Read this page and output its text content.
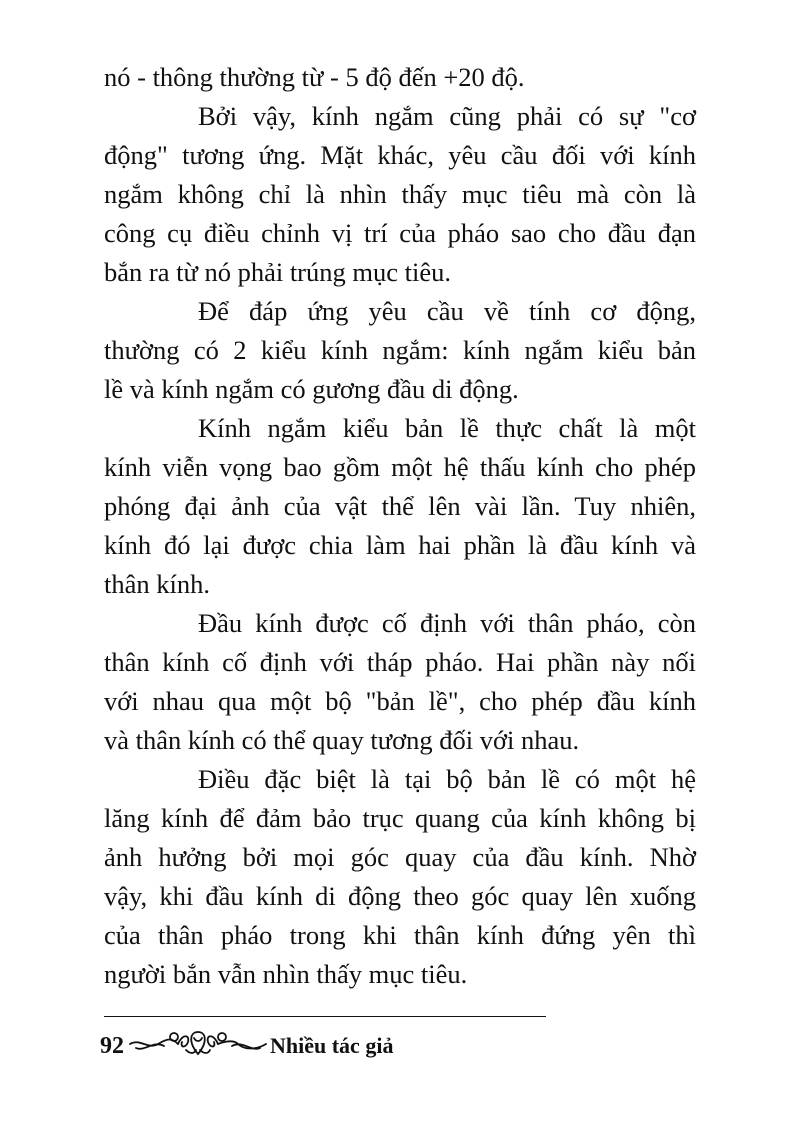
nó - thông thường từ - 5 độ đến +20 độ.
Bởi vậy, kính ngắm cũng phải có sự "cơ
động" tương ứng. Mặt khác, yêu cầu đối với kính
ngắm không chỉ là nhìn thấy mục tiêu mà còn là
công cụ điều chỉnh vị trí của pháo sao cho đầu đạn
bắn ra từ nó phải trúng mục tiêu.
Để đáp ứng yêu cầu về tính cơ động,
thường có 2 kiểu kính ngắm: kính ngắm kiểu bản
lề và kính ngắm có gương đầu di động.
Kính ngắm kiểu bản lề thực chất là một
kính viễn vọng bao gồm một hệ thấu kính cho phép
phóng đại ảnh của vật thể lên vài lần. Tuy nhiên,
kính đó lại được chia làm hai phần là đầu kính và
thân kính.
Đầu kính được cố định với thân pháo, còn
thân kính cố định với tháp pháo. Hai phần này nối
với nhau qua một bộ "bản lề", cho phép đầu kính
và thân kính có thể quay tương đối với nhau.
Điều đặc biệt là tại bộ bản lề có một hệ
lăng kính để đảm bảo trục quang của kính không bị
ảnh hưởng bởi mọi góc quay của đầu kính. Nhờ
vậy, khi đầu kính di động theo góc quay lên xuống
của thân pháo trong khi thân kính đứng yên thì
người bắn vẫn nhìn thấy mục tiêu.
92	Nhiều tác giả
